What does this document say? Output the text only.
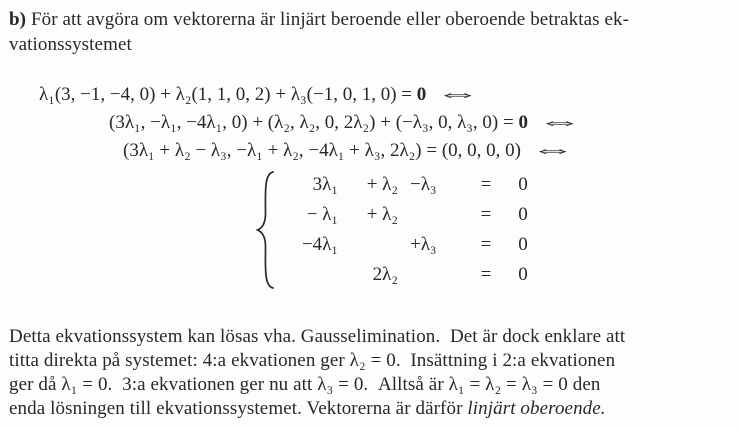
b) För att avgöra om vektorerna är linjärt beroende eller oberoende betraktas ek-
vationssystemet

λ₁(3, −1, −4, 0) + λ₂(1, 1, 0, 2) + λ₃(−1, 0, 1, 0) = 0 ⇔
(3λ₁, −λ₁, −4λ₁, 0) + (λ₂, λ₂, 0, 2λ₂) + (−λ₃, 0, λ₃, 0) = 0 ⇔
(3λ₁ + λ₂ − λ₃, −λ₁ + λ₂, −4λ₁ + λ₃, 2λ₂) = (0, 0, 0, 0) ⇔
3λ₁	+ λ₂ −λ₃	=	0
− λ₁	+ λ₂	=	0
−4λ₁	+λ₃	=	0
2λ₂	=	0

Detta ekvationssystem kan lösas vha. Gausselimination.  Det är dock enklare att
titta direkta på systemet: 4:a ekvationen ger λ₂ = 0.  Insättning i 2:a ekvationen
ger då λ₁ = 0.  3:a ekvationen ger nu att λ₃ = 0.  Alltså är λ₁ = λ₂ = λ₃ = 0 den
enda lösningen till ekvationssystemet. Vektorerna är därför linjärt oberoende.
